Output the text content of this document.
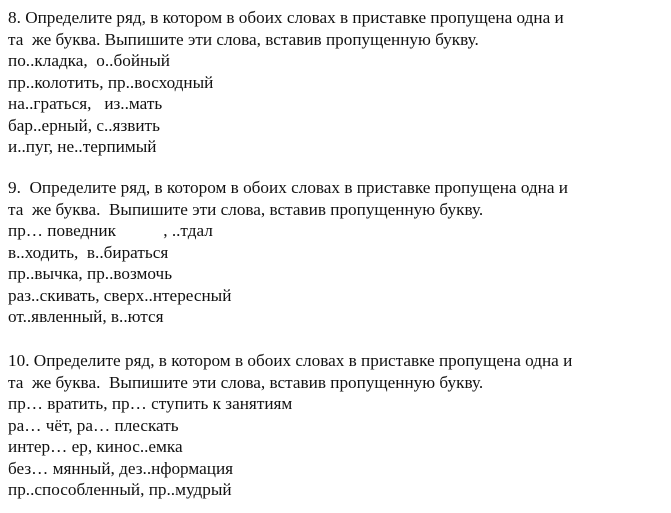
8. Определите ряд, в котором в обоих словах в приставке пропущена одна и
та  же буква. Выпишите эти слова, вставив пропущенную букву.
по..кладка,  о..бойный
пр..колотить, пр..восходный
на..граться,   из..мать
бар..ерный, с..язвить
и..пуг, не..терпимый
9.  Определите ряд, в котором в обоих словах в приставке пропущена одна и
та  же буква.  Выпишите эти слова, вставив пропущенную букву.
пр… поведник           , ..тдал
в..ходить,  в..бираться
пр..вычка, пр..возмочь
раз..скивать, сверх..нтересный
от..явленный, в..ются
10. Определите ряд, в котором в обоих словах в приставке пропущена одна и
та  же буква.  Выпишите эти слова, вставив пропущенную букву.
пр… вратить, пр… ступить к занятиям
ра… чёт, ра… плескать
интер… ер, кинос..емка
без… мянный, дез..нформация
пр..способленный, пр..мудрый
